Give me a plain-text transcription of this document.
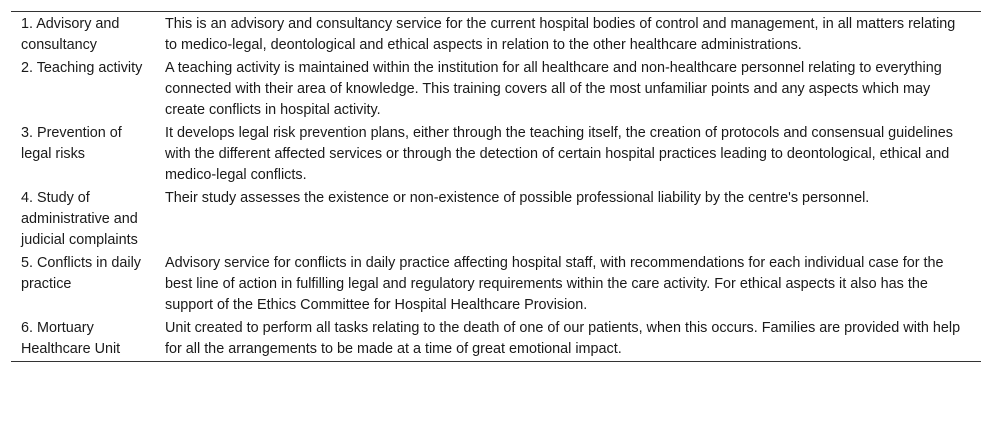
1. Advisory and consultancy	This is an advisory and consultancy service for the current hospital bodies of control and management, in all matters relating to medico-legal, deontological and ethical aspects in relation to the other healthcare administrations.
2. Teaching activity	A teaching activity is maintained within the institution for all healthcare and non-healthcare personnel relating to everything connected with their area of knowledge. This training covers all of the most unfamiliar points and any aspects which may create conflicts in hospital activity.
3. Prevention of legal risks	It develops legal risk prevention plans, either through the teaching itself, the creation of protocols and consensual guidelines with the different affected services or through the detection of certain hospital practices leading to deontological, ethical and medico-legal conflicts.
4. Study of administrative and judicial complaints	Their study assesses the existence or non-existence of possible professional liability by the centre's personnel.
5. Conflicts in daily practice	Advisory service for conflicts in daily practice affecting hospital staff, with recommendations for each individual case for the best line of action in fulfilling legal and regulatory requirements within the care activity. For ethical aspects it also has the support of the Ethics Committee for Hospital Healthcare Provision.
6. Mortuary Healthcare Unit	Unit created to perform all tasks relating to the death of one of our patients, when this occurs. Families are provided with help for all the arrangements to be made at a time of great emotional impact.
